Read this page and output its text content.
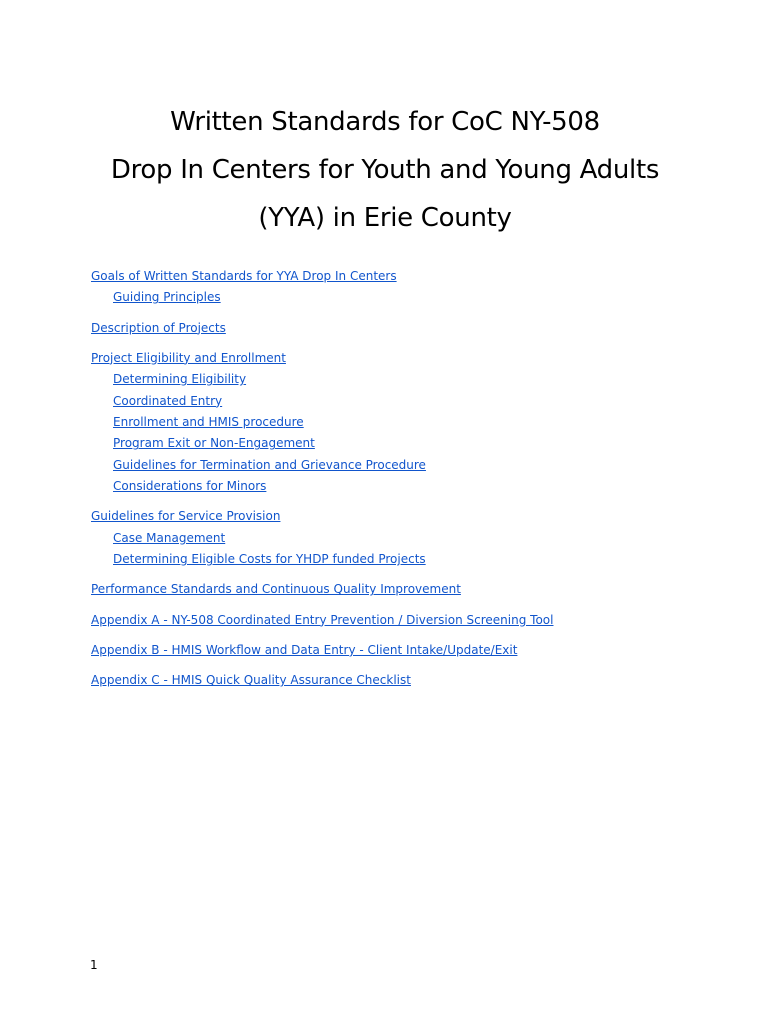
Written Standards for CoC NY-508
Drop In Centers for Youth and Young Adults
(YYA) in Erie County
Goals of Written Standards for YYA Drop In Centers
Guiding Principles
Description of Projects
Project Eligibility and Enrollment
Determining Eligibility
Coordinated Entry
Enrollment and HMIS procedure
Program Exit or Non-Engagement
Guidelines for Termination and Grievance Procedure
Considerations for Minors
Guidelines for Service Provision
Case Management
Determining Eligible Costs for YHDP funded Projects
Performance Standards and Continuous Quality Improvement
Appendix A - NY-508 Coordinated Entry Prevention / Diversion Screening Tool
Appendix B - HMIS Workflow and Data Entry - Client Intake/Update/Exit
Appendix C - HMIS Quick Quality Assurance Checklist
1
